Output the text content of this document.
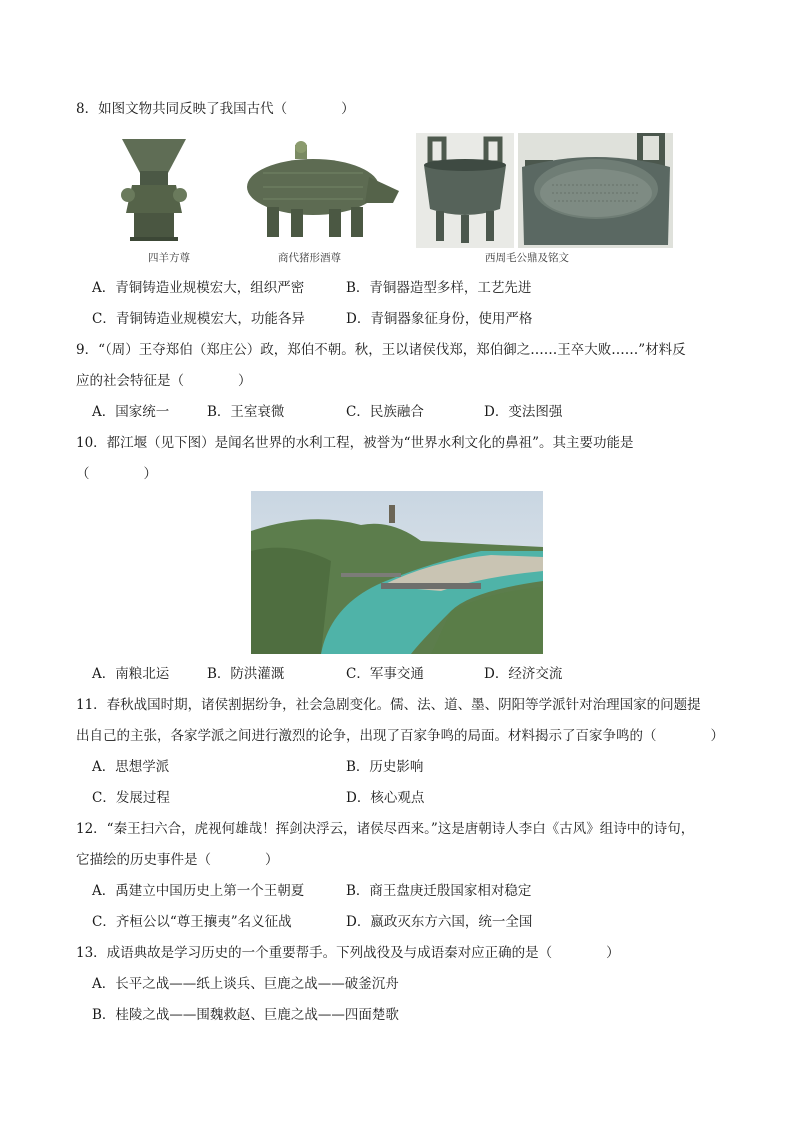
8．如图文物共同反映了我国古代（　　　　）
四羊方尊	商代猪形酒尊	西周毛公鼎及铭文
A．青铜铸造业规模宏大，组织严密	B．青铜器造型多样，工艺先进
C．青铜铸造业规模宏大，功能各异	D．青铜器象征身份，使用严格
9．“（周）王夺郑伯（郑庄公）政，郑伯不朝。秋，王以诸侯伐郑，郑伯御之……王卒大败……”材料反
应的社会特征是（　　　　）
A．国家统一	B．王室衰微	C．民族融合	D．变法图强
10．都江堰（见下图）是闻名世界的水利工程，被誉为“世界水利文化的鼻祖”。其主要功能是
（　　　　）
A．南粮北运	B．防洪灌溉	C．军事交通	D．经济交流
11．春秋战国时期，诸侯割据纷争，社会急剧变化。儒、法、道、墨、阴阳等学派针对治理国家的问题提
出自己的主张，各家学派之间进行激烈的论争，出现了百家争鸣的局面。材料揭示了百家争鸣的（　　　　）
A．思想学派	B．历史影响
C．发展过程	D．核心观点
12．“秦王扫六合，虎视何雄哉！挥剑决浮云，诸侯尽西来。”这是唐朝诗人李白《古风》组诗中的诗句，
它描绘的历史事件是（　　　　）
A．禹建立中国历史上第一个王朝夏	B．商王盘庚迁殷国家相对稳定
C．齐桓公以“尊王攘夷”名义征战	D．嬴政灭东方六国，统一全国
13．成语典故是学习历史的一个重要帮手。下列战役及与成语秦对应正确的是（　　　　）
A．长平之战——纸上谈兵、巨鹿之战——破釜沉舟
B．桂陵之战——围魏救赵、巨鹿之战——四面楚歌
